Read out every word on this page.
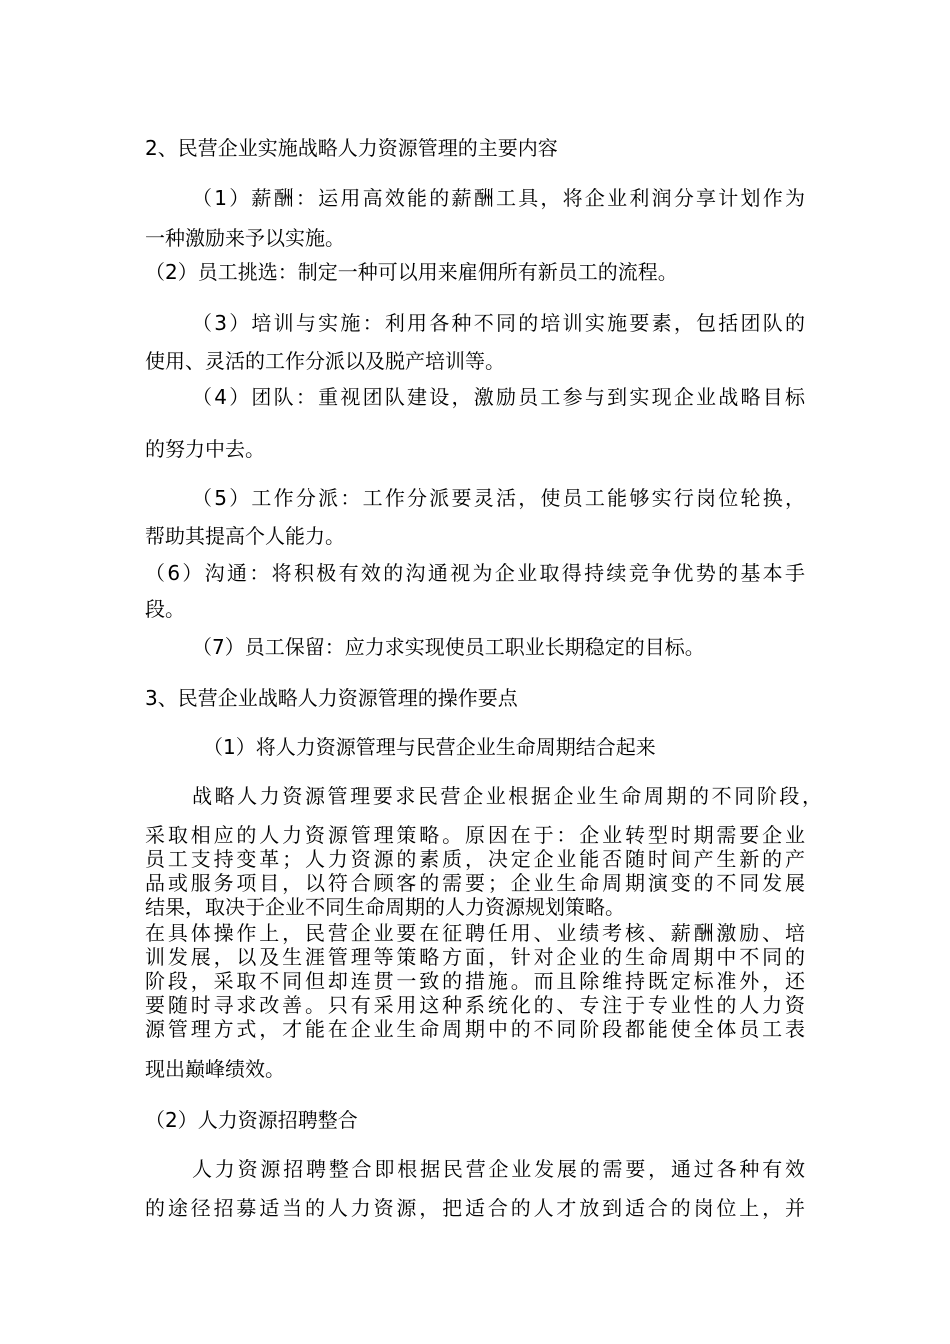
2、民营企业实施战略人力资源管理的主要内容

（1）薪酬：运用高效能的薪酬工具，将企业利润分享计划作为

一种激励来予以实施。

（2）员工挑选：制定一种可以用来雇佣所有新员工的流程。

（3）培训与实施：利用各种不同的培训实施要素，包括团队的

使用、灵活的工作分派以及脱产培训等。

（4）团队：重视团队建设，激励员工参与到实现企业战略目标

的努力中去。

（5）工作分派：工作分派要灵活，使员工能够实行岗位轮换，

帮助其提高个人能力。

（6）沟通：将积极有效的沟通视为企业取得持续竞争优势的基本手

段。

（7）员工保留：应力求实现使员工职业长期稳定的目标。

3、民营企业战略人力资源管理的操作要点

（1）将人力资源管理与民营企业生命周期结合起来

战略人力资源管理要求民营企业根据企业生命周期的不同阶段，

采取相应的人力资源管理策略。原因在于：企业转型时期需要企业

员工支持变革；人力资源的素质，决定企业能否随时间产生新的产

品或服务项目，以符合顾客的需要；企业生命周期演变的不同发展

结果，取决于企业不同生命周期的人力资源规划策略。

在具体操作上，民营企业要在征聘任用、业绩考核、薪酬激励、培

训发展，以及生涯管理等策略方面，针对企业的生命周期中不同的

阶段，采取不同但却连贯一致的措施。而且除维持既定标准外，还

要随时寻求改善。只有采用这种系统化的、专注于专业性的人力资

源管理方式，才能在企业生命周期中的不同阶段都能使全体员工表

现出巅峰绩效。

（2）人力资源招聘整合

人力资源招聘整合即根据民营企业发展的需要，通过各种有效

的途径招募适当的人力资源，把适合的人才放到适合的岗位上，并
